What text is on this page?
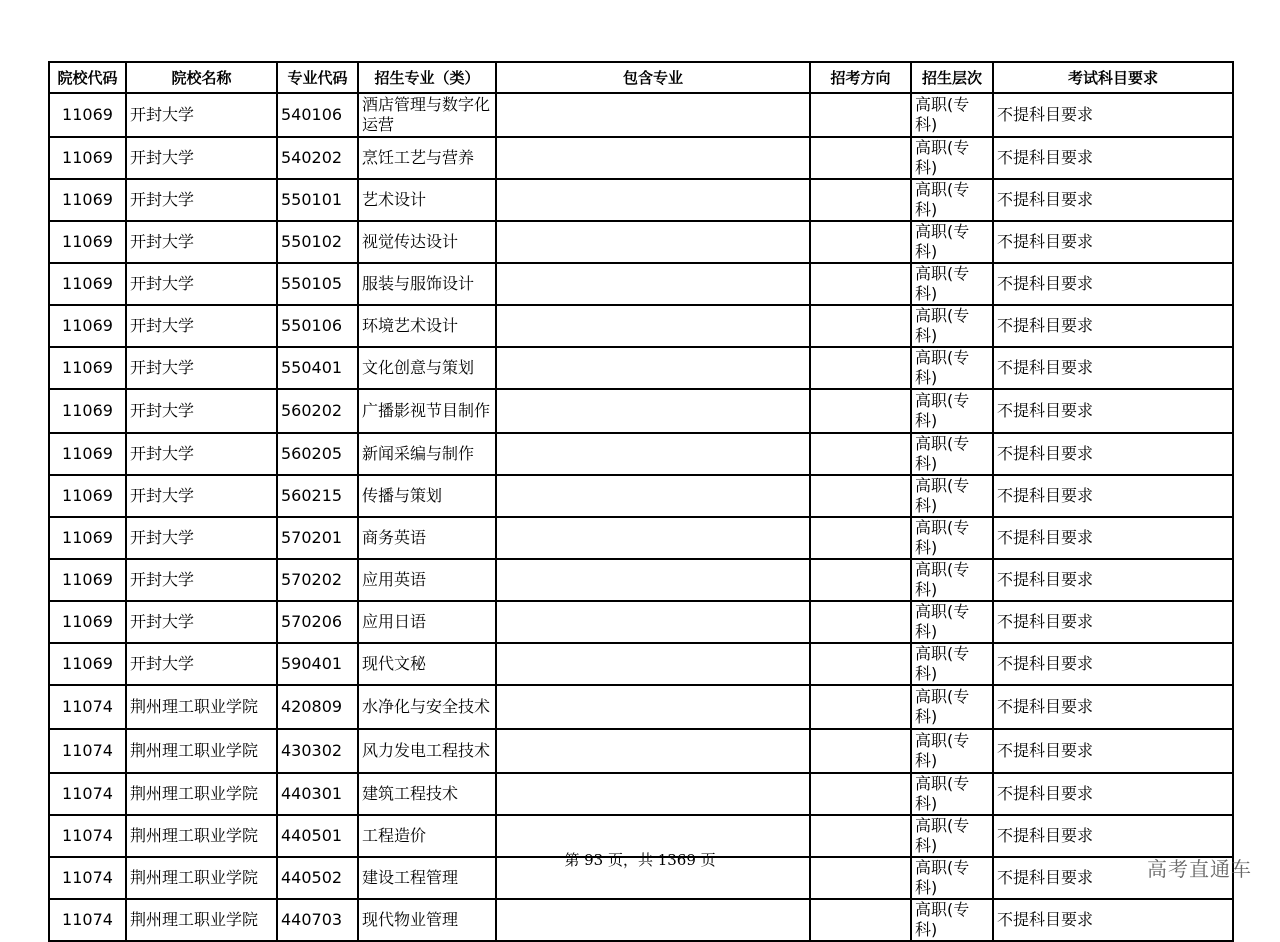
院校代码	院校名称	专业代码	招生专业（类）	包含专业	招考方向	招生层次	考试科目要求
11069	开封大学	540106	酒店管理与数字化运营			高职(专科)	不提科目要求
11069	开封大学	540202	烹饪工艺与营养			高职(专科)	不提科目要求
11069	开封大学	550101	艺术设计			高职(专科)	不提科目要求
11069	开封大学	550102	视觉传达设计			高职(专科)	不提科目要求
11069	开封大学	550105	服装与服饰设计			高职(专科)	不提科目要求
11069	开封大学	550106	环境艺术设计			高职(专科)	不提科目要求
11069	开封大学	550401	文化创意与策划			高职(专科)	不提科目要求
11069	开封大学	560202	广播影视节目制作			高职(专科)	不提科目要求
11069	开封大学	560205	新闻采编与制作			高职(专科)	不提科目要求
11069	开封大学	560215	传播与策划			高职(专科)	不提科目要求
11069	开封大学	570201	商务英语			高职(专科)	不提科目要求
11069	开封大学	570202	应用英语			高职(专科)	不提科目要求
11069	开封大学	570206	应用日语			高职(专科)	不提科目要求
11069	开封大学	590401	现代文秘			高职(专科)	不提科目要求
11074	荆州理工职业学院	420809	水净化与安全技术			高职(专科)	不提科目要求
11074	荆州理工职业学院	430302	风力发电工程技术			高职(专科)	不提科目要求
11074	荆州理工职业学院	440301	建筑工程技术			高职(专科)	不提科目要求
11074	荆州理工职业学院	440501	工程造价			高职(专科)	不提科目要求
11074	荆州理工职业学院	440502	建设工程管理			高职(专科)	不提科目要求
11074	荆州理工职业学院	440703	现代物业管理			高职(专科)	不提科目要求
第 93 页，共 1369 页	高考直通车
